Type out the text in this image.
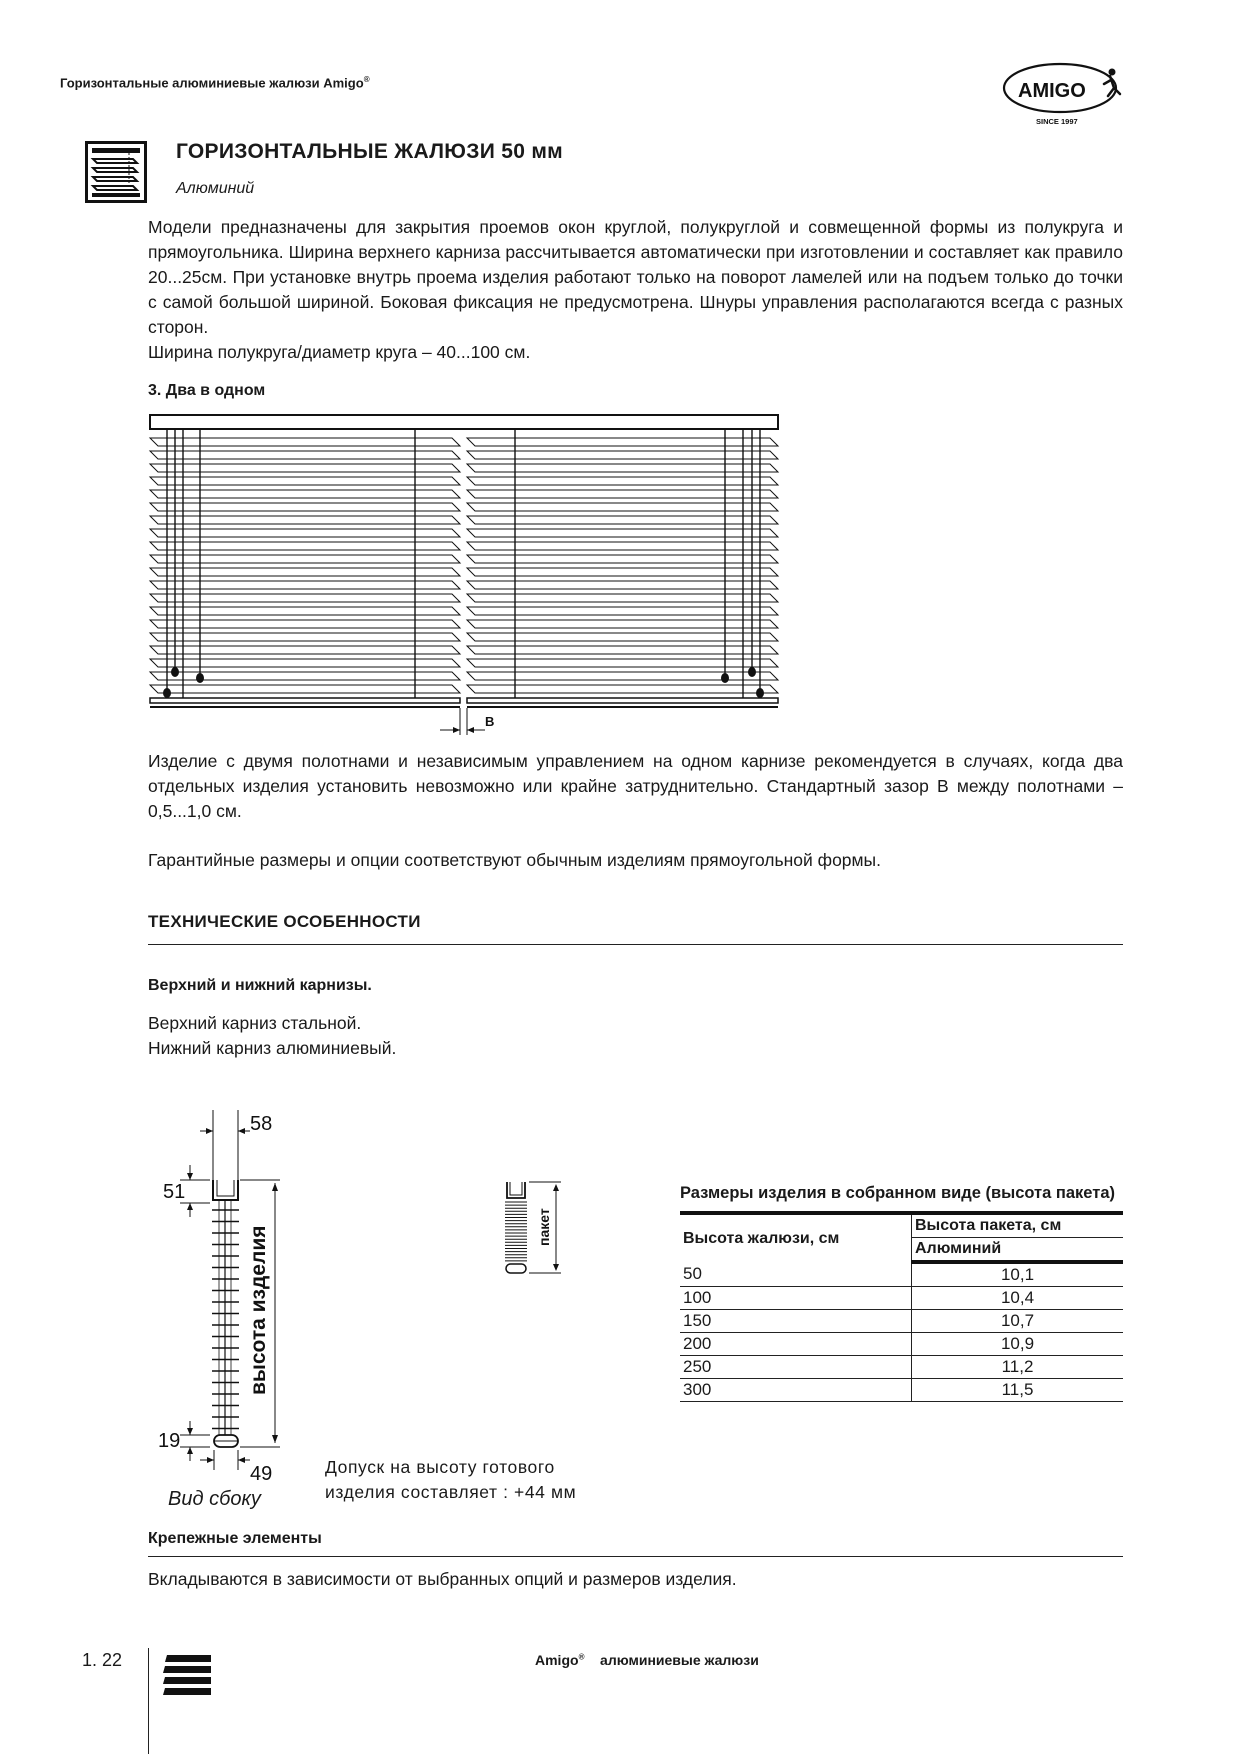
Горизонтальные алюминиевые жалюзи Amigo®
AMIGO
SINCE 1997
ГОРИЗОНТАЛЬНЫЕ ЖАЛЮЗИ 50 мм
Алюминий

Модели предназначены для закрытия проемов окон круглой, полукруглой и совмещенной формы из полукруга и прямоугольника. Ширина верхнего карниза рассчитывается автоматически при изготовлении и составляет как правило 20...25см. При установке внутрь проема изделия работают только на поворот ламелей или на подъем только до точки с самой большой шириной. Боковая фиксация не предусмотрена. Шнуры управления располагаются всегда с разных сторон.

Ширина полукруга/диаметр круга – 40...100 см.

3. Два в одном
B
Изделие с двумя полотнами и независимым управлением на одном карнизе рекомендуется в случаях, когда два отдельных изделия установить невозможно или крайне затруднительно. Стандартный зазор В между полотнами – 0,5...1,0 см.
Гарантийные размеры и опции соответствуют обычным изделиям прямоугольной формы.
ТЕХНИЧЕСКИЕ ОСОБЕННОСТИ
Верхний и нижний карнизы.
Верхний карниз стальной.
Нижний карниз алюминиевый.
58
51
19
49
высота изделия
Вид сбоку
Допуск на высоту готового
изделия составляет : +44 мм
пакет
Размеры изделия в собранном виде (высота пакета)
Высота жалюзи, см	Высота пакета, см
	Алюминий
50	10,1
100	10,4
150	10,7
200	10,9
250	11,2
300	11,5
Крепежные элементы
Вкладываются в зависимости от выбранных опций и размеров изделия.
1. 22	Amigo® алюминиевые жалюзи
